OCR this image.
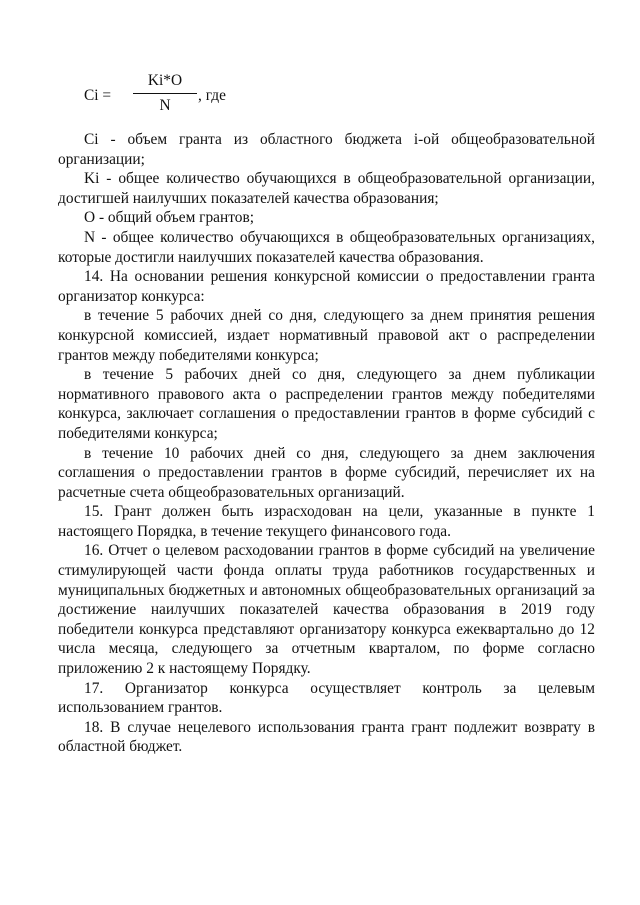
Ci =
Ki*O
N
, где

Ci - объем гранта из областного бюджета i-ой общеобразовательной организации;

Ki - общее количество обучающихся в общеобразовательной организации, достигшей наилучших показателей качества образования;

O - общий объем грантов;

N - общее количество обучающихся в общеобразовательных организациях, которые достигли наилучших показателей качества образования.

14. На основании решения конкурсной комиссии о предоставлении гранта организатор конкурса:

в течение 5 рабочих дней со дня, следующего за днем принятия решения конкурсной комиссией, издает нормативный правовой акт о распределении грантов между победителями конкурса;

в течение 5 рабочих дней со дня, следующего за днем публикации нормативного правового акта о распределении грантов между победителями конкурса, заключает соглашения о предоставлении грантов в форме субсидий с победителями конкурса;

в течение 10 рабочих дней со дня, следующего за днем заключения соглашения о предоставлении грантов в форме субсидий, перечисляет их на расчетные счета общеобразовательных организаций.

15. Грант должен быть израсходован на цели, указанные в пункте 1 настоящего Порядка, в течение текущего финансового года.

16. Отчет о целевом расходовании грантов в форме субсидий на увеличение стимулирующей части фонда оплаты труда работников государственных и муниципальных бюджетных и автономных общеобразовательных организаций за достижение наилучших показателей качества образования в 2019 году победители конкурса представляют организатору конкурса ежеквартально до 12 числа месяца, следующего за отчетным кварталом, по форме согласно приложению 2 к настоящему Порядку.

17. Организатор конкурса осуществляет контроль за целевым использованием грантов.

18. В случае нецелевого использования гранта грант подлежит возврату в областной бюджет.
